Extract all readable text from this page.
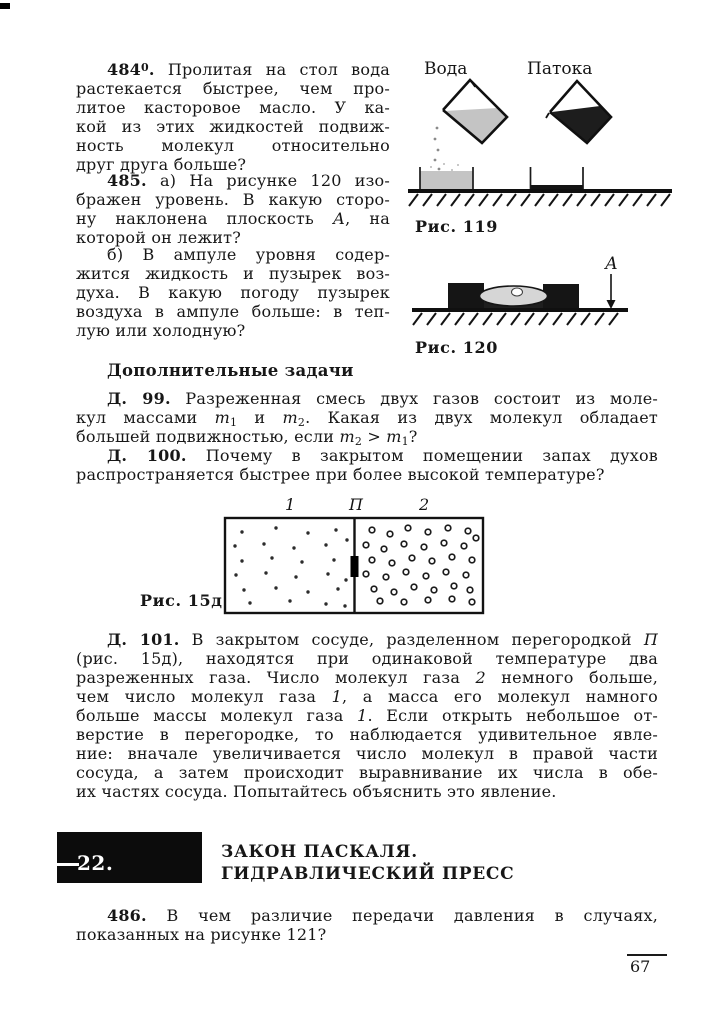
$484^0$. Пролитая на стол вода
растекается быстрее, чем про-
литое касторовое масло. У ка-
кой из этих жидкостей подвиж-
ность молекул относительно
друг друга больше?
485. а) На рисунке 120 изо-
бражен уровень. В какую сторо-
ну наклонена плоскость А, на
которой он лежит?
б) В ампуле уровня содер-
жится жидкость и пузырек воз-
духа. В какую погоду пузырек
воздуха в ампуле больше: в теп-
лую или холодную?
Вода	Патока
Рис. 119
А
Рис. 120
Дополнительные задачи
Д. 99. Разреженная смесь двух газов состоит из моле-
кул массами $m_1$ и $m_2$. Какая из двух молекул обладает
большей подвижностью, если $m_2 > m_1$?
Д. 100. Почему в закрытом помещении запах духов
распространяется быстрее при более высокой температуре?
1	П	2
Рис. 15д
Д. 101. В закрытом сосуде, разделенном перегородкой П
(рис. 15д), находятся при одинаковой температуре два
разреженных газа. Число молекул газа 2 немного больше,
чем число молекул газа 1, а масса его молекул намного
больше массы молекул газа 1. Если открыть небольшое от-
верстие в перегородке, то наблюдается удивительное явле-
ние: вначале увеличивается число молекул в правой части
сосуда, а затем происходит выравнивание их числа в обе-
их частях сосуда. Попытайтесь объяснить это явление.
22.	ЗАКОН ПАСКАЛЯ.
ГИДРАВЛИЧЕСКИЙ ПРЕСС
486. В чем различие передачи давления в случаях,
показанных на рисунке 121?
67
